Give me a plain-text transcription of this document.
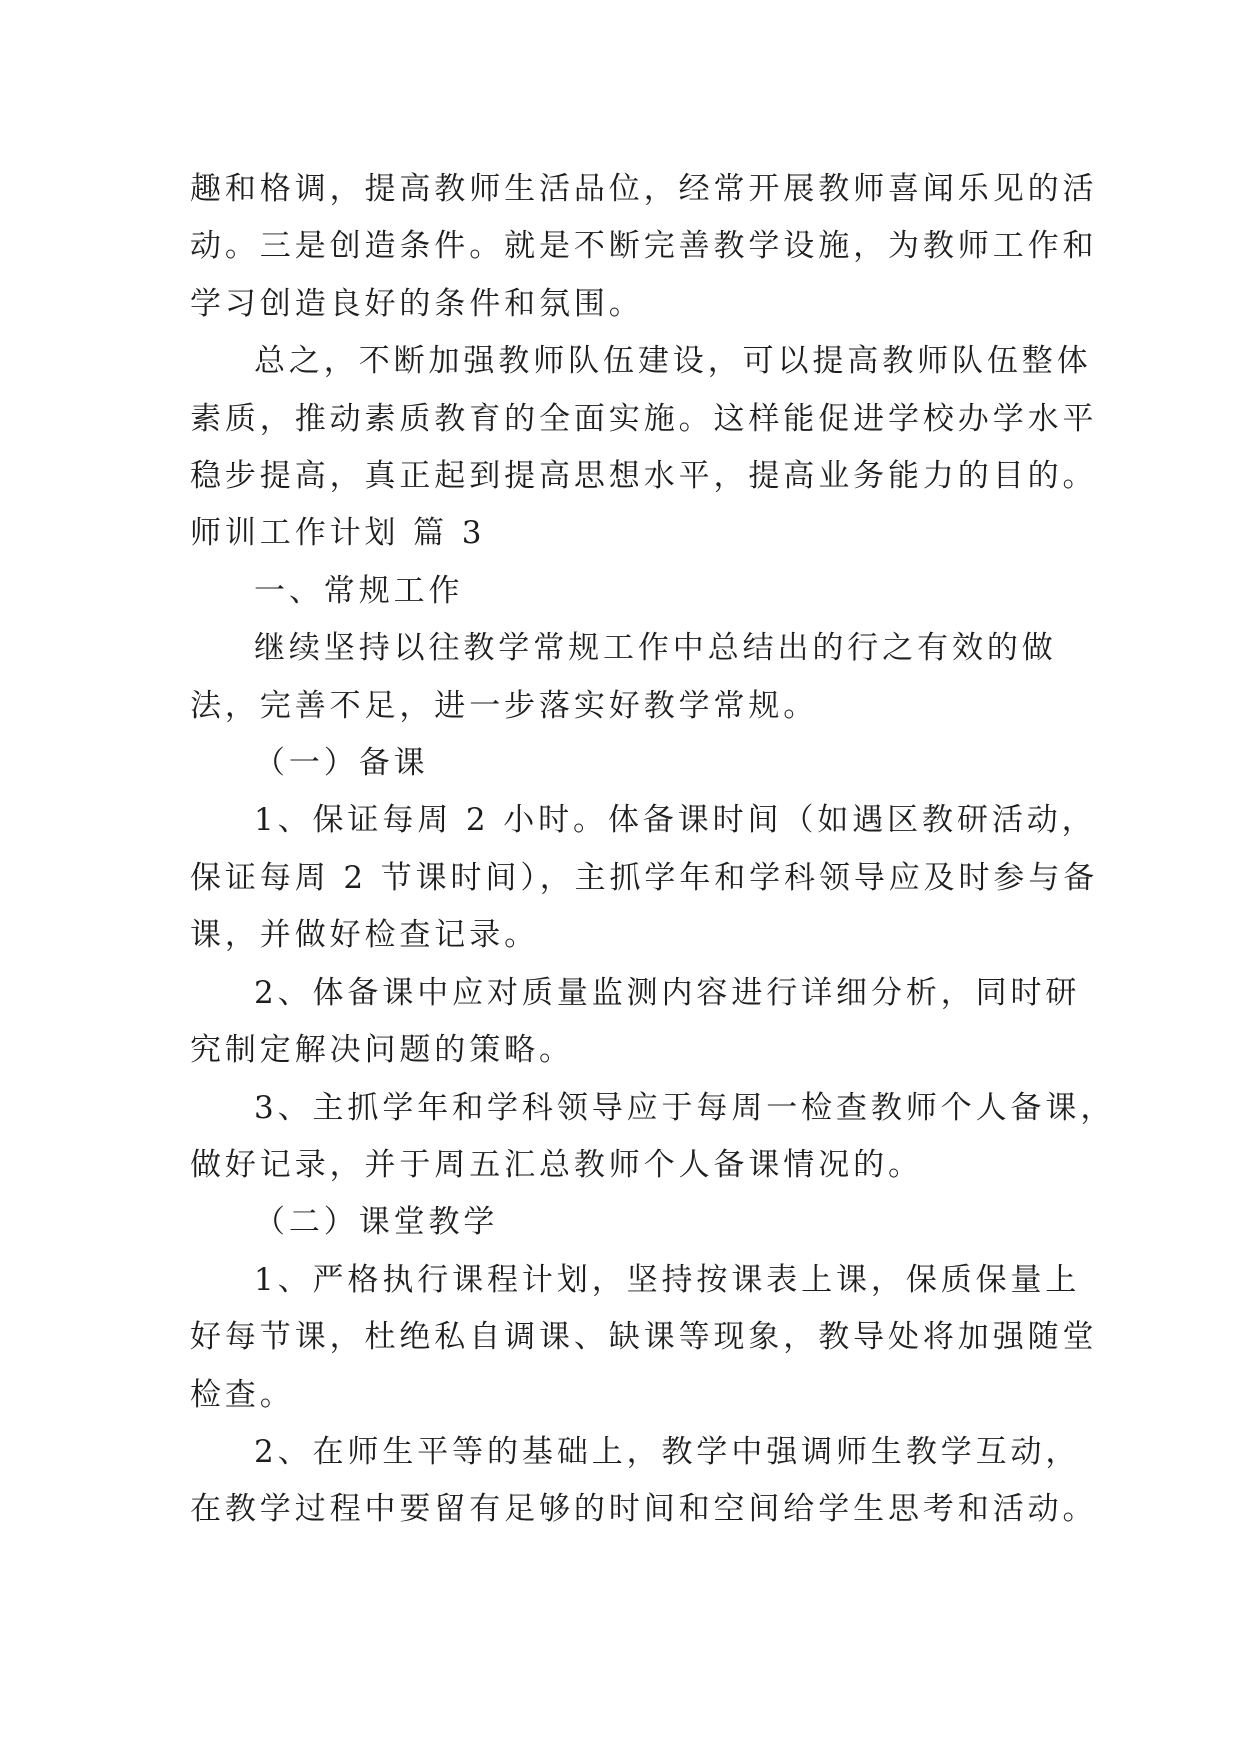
趣和格调，提高教师生活品位，经常开展教师喜闻乐见的活
动。三是创造条件。就是不断完善教学设施，为教师工作和
学习创造良好的条件和氛围。
总之，不断加强教师队伍建设，可以提高教师队伍整体
素质，推动素质教育的全面实施。这样能促进学校办学水平
稳步提高，真正起到提高思想水平，提高业务能力的目的。
师训工作计划 篇 3
一、常规工作
继续坚持以往教学常规工作中总结出的行之有效的做
法，完善不足，进一步落实好教学常规。
（一）备课
1、保证每周 2 小时。体备课时间（如遇区教研活动，
保证每周 2 节课时间），主抓学年和学科领导应及时参与备
课，并做好检查记录。
2、体备课中应对质量监测内容进行详细分析，同时研
究制定解决问题的策略。
3、主抓学年和学科领导应于每周一检查教师个人备课，
做好记录，并于周五汇总教师个人备课情况的。
（二）课堂教学
1、严格执行课程计划，坚持按课表上课，保质保量上
好每节课，杜绝私自调课、缺课等现象，教导处将加强随堂
检查。
2、在师生平等的基础上，教学中强调师生教学互动，
在教学过程中要留有足够的时间和空间给学生思考和活动。
